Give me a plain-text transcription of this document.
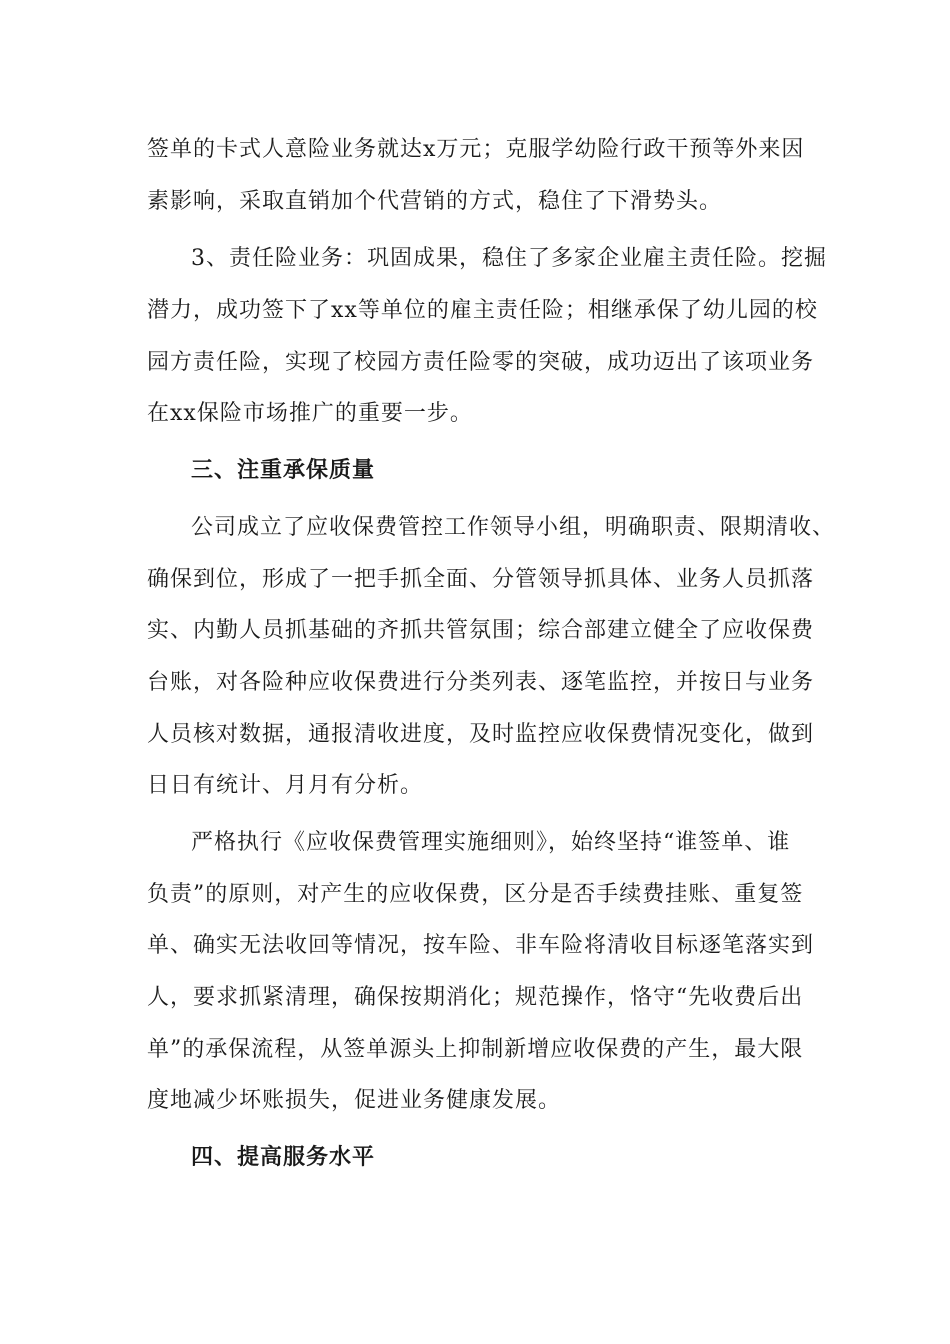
签单的卡式人意险业务就达x万元；克服学幼险行政干预等外来因
素影响，采取直销加个代营销的方式，稳住了下滑势头。
3、责任险业务：巩固成果，稳住了多家企业雇主责任险。挖掘
潜力，成功签下了xx等单位的雇主责任险；相继承保了幼儿园的校
园方责任险，实现了校园方责任险零的突破，成功迈出了该项业务
在xx保险市场推广的重要一步。
三、注重承保质量
公司成立了应收保费管控工作领导小组，明确职责、限期清收、
确保到位，形成了一把手抓全面、分管领导抓具体、业务人员抓落
实、内勤人员抓基础的齐抓共管氛围；综合部建立健全了应收保费
台账，对各险种应收保费进行分类列表、逐笔监控，并按日与业务
人员核对数据，通报清收进度，及时监控应收保费情况变化，做到
日日有统计、月月有分析。
严格执行《应收保费管理实施细则》，始终坚持“谁签单、谁
负责”的原则，对产生的应收保费，区分是否手续费挂账、重复签
单、确实无法收回等情况，按车险、非车险将清收目标逐笔落实到
人，要求抓紧清理，确保按期消化；规范操作，恪守“先收费后出
单”的承保流程，从签单源头上抑制新增应收保费的产生，最大限
度地减少坏账损失，促进业务健康发展。
四、提高服务水平
